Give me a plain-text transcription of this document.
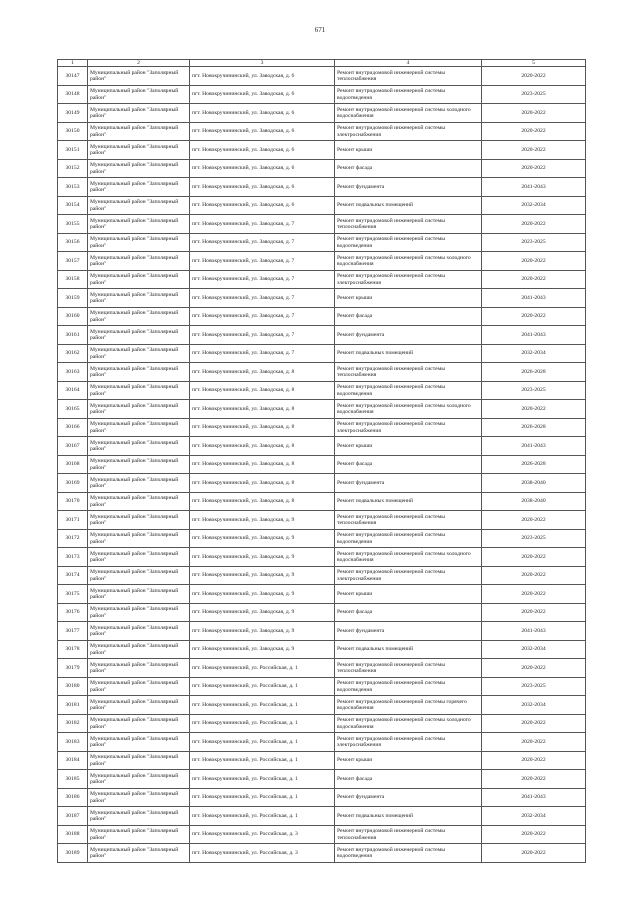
671
1	2	3	4	5
30147	Муниципальный район "Заполярный район"	пгт. Новокручининский, ул. Заводская, д. 6	Ремонт внутридомовой инженерной системы теплоснабжения	2020-2022
30148	Муниципальный район "Заполярный район"	пгт. Новокручининский, ул. Заводская, д. 6	Ремонт внутридомовой инженерной системы водоотведения	2023-2025
30149	Муниципальный район "Заполярный район"	пгт. Новокручининский, ул. Заводская, д. 6	Ремонт внутридомовой инженерной системы холодного водоснабжения	2020-2022
30150	Муниципальный район "Заполярный район"	пгт. Новокручининский, ул. Заводская, д. 6	Ремонт внутридомовой инженерной системы электроснабжения	2020-2022
30151	Муниципальный район "Заполярный район"	пгт. Новокручининский, ул. Заводская, д. 6	Ремонт крыши	2020-2022
30152	Муниципальный район "Заполярный район"	пгт. Новокручининский, ул. Заводская, д. 6	Ремонт фасада	2020-2022
30153	Муниципальный район "Заполярный район"	пгт. Новокручининский, ул. Заводская, д. 6	Ремонт фундамента	2041-2043
30154	Муниципальный район "Заполярный район"	пгт. Новокручининский, ул. Заводская, д. 6	Ремонт подвальных помещений	2032-2034
30155	Муниципальный район "Заполярный район"	пгт. Новокручининский, ул. Заводская, д. 7	Ремонт внутридомовой инженерной системы теплоснабжения	2020-2022
30156	Муниципальный район "Заполярный район"	пгт. Новокручининский, ул. Заводская, д. 7	Ремонт внутридомовой инженерной системы водоотведения	2023-2025
30157	Муниципальный район "Заполярный район"	пгт. Новокручининский, ул. Заводская, д. 7	Ремонт внутридомовой инженерной системы холодного водоснабжения	2020-2022
30158	Муниципальный район "Заполярный район"	пгт. Новокручининский, ул. Заводская, д. 7	Ремонт внутридомовой инженерной системы электроснабжения	2020-2022
30159	Муниципальный район "Заполярный район"	пгт. Новокручининский, ул. Заводская, д. 7	Ремонт крыши	2041-2043
30160	Муниципальный район "Заполярный район"	пгт. Новокручининский, ул. Заводская, д. 7	Ремонт фасада	2020-2022
30161	Муниципальный район "Заполярный район"	пгт. Новокручининский, ул. Заводская, д. 7	Ремонт фундамента	2041-2043
30162	Муниципальный район "Заполярный район"	пгт. Новокручининский, ул. Заводская, д. 7	Ремонт подвальных помещений	2032-2034
30163	Муниципальный район "Заполярный район"	пгт. Новокручининский, ул. Заводская, д. 8	Ремонт внутридомовой инженерной системы теплоснабжения	2026-2028
30164	Муниципальный район "Заполярный район"	пгт. Новокручининский, ул. Заводская, д. 8	Ремонт внутридомовой инженерной системы водоотведения	2023-2025
30165	Муниципальный район "Заполярный район"	пгт. Новокручининский, ул. Заводская, д. 8	Ремонт внутридомовой инженерной системы холодного водоснабжения	2020-2022
30166	Муниципальный район "Заполярный район"	пгт. Новокручининский, ул. Заводская, д. 8	Ремонт внутридомовой инженерной системы электроснабжения	2026-2028
30167	Муниципальный район "Заполярный район"	пгт. Новокручининский, ул. Заводская, д. 8	Ремонт крыши	2041-2043
30168	Муниципальный район "Заполярный район"	пгт. Новокручининский, ул. Заводская, д. 8	Ремонт фасада	2026-2028
30169	Муниципальный район "Заполярный район"	пгт. Новокручининский, ул. Заводская, д. 8	Ремонт фундамента	2038-2040
30170	Муниципальный район "Заполярный район"	пгт. Новокручининский, ул. Заводская, д. 8	Ремонт подвальных помещений	2038-2040
30171	Муниципальный район "Заполярный район"	пгт. Новокручининский, ул. Заводская, д. 9	Ремонт внутридомовой инженерной системы теплоснабжения	2020-2022
30172	Муниципальный район "Заполярный район"	пгт. Новокручининский, ул. Заводская, д. 9	Ремонт внутридомовой инженерной системы водоотведения	2023-2025
30173	Муниципальный район "Заполярный район"	пгт. Новокручининский, ул. Заводская, д. 9	Ремонт внутридомовой инженерной системы холодного водоснабжения	2020-2022
30174	Муниципальный район "Заполярный район"	пгт. Новокручининский, ул. Заводская, д. 9	Ремонт внутридомовой инженерной системы электроснабжения	2020-2022
30175	Муниципальный район "Заполярный район"	пгт. Новокручининский, ул. Заводская, д. 9	Ремонт крыши	2020-2022
30176	Муниципальный район "Заполярный район"	пгт. Новокручининский, ул. Заводская, д. 9	Ремонт фасада	2020-2022
30177	Муниципальный район "Заполярный район"	пгт. Новокручининский, ул. Заводская, д. 9	Ремонт фундамента	2041-2043
30178	Муниципальный район "Заполярный район"	пгт. Новокручининский, ул. Заводская, д. 9	Ремонт подвальных помещений	2032-2034
30179	Муниципальный район "Заполярный район"	пгт. Новокручининский, ул. Российская, д. 1	Ремонт внутридомовой инженерной системы теплоснабжения	2020-2022
30180	Муниципальный район "Заполярный район"	пгт. Новокручининский, ул. Российская, д. 1	Ремонт внутридомовой инженерной системы водоотведения	2023-2025
30181	Муниципальный район "Заполярный район"	пгт. Новокручининский, ул. Российская, д. 1	Ремонт внутридомовой инженерной системы горячего водоснабжения	2032-2034
30182	Муниципальный район "Заполярный район"	пгт. Новокручининский, ул. Российская, д. 1	Ремонт внутридомовой инженерной системы холодного водоснабжения	2020-2022
30183	Муниципальный район "Заполярный район"	пгт. Новокручининский, ул. Российская, д. 1	Ремонт внутридомовой инженерной системы электроснабжения	2020-2022
30184	Муниципальный район "Заполярный район"	пгт. Новокручининский, ул. Российская, д. 1	Ремонт крыши	2020-2022
30185	Муниципальный район "Заполярный район"	пгт. Новокручининский, ул. Российская, д. 1	Ремонт фасада	2020-2022
30186	Муниципальный район "Заполярный район"	пгт. Новокручининский, ул. Российская, д. 1	Ремонт фундамента	2041-2043
30187	Муниципальный район "Заполярный район"	пгт. Новокручининский, ул. Российская, д. 1	Ремонт подвальных помещений	2032-2034
30188	Муниципальный район "Заполярный район"	пгт. Новокручининский, ул. Российская, д. 3	Ремонт внутридомовой инженерной системы теплоснабжения	2020-2022
30189	Муниципальный район "Заполярный район"	пгт. Новокручининский, ул. Российская, д. 3	Ремонт внутридомовой инженерной системы водоотведения	2020-2022
